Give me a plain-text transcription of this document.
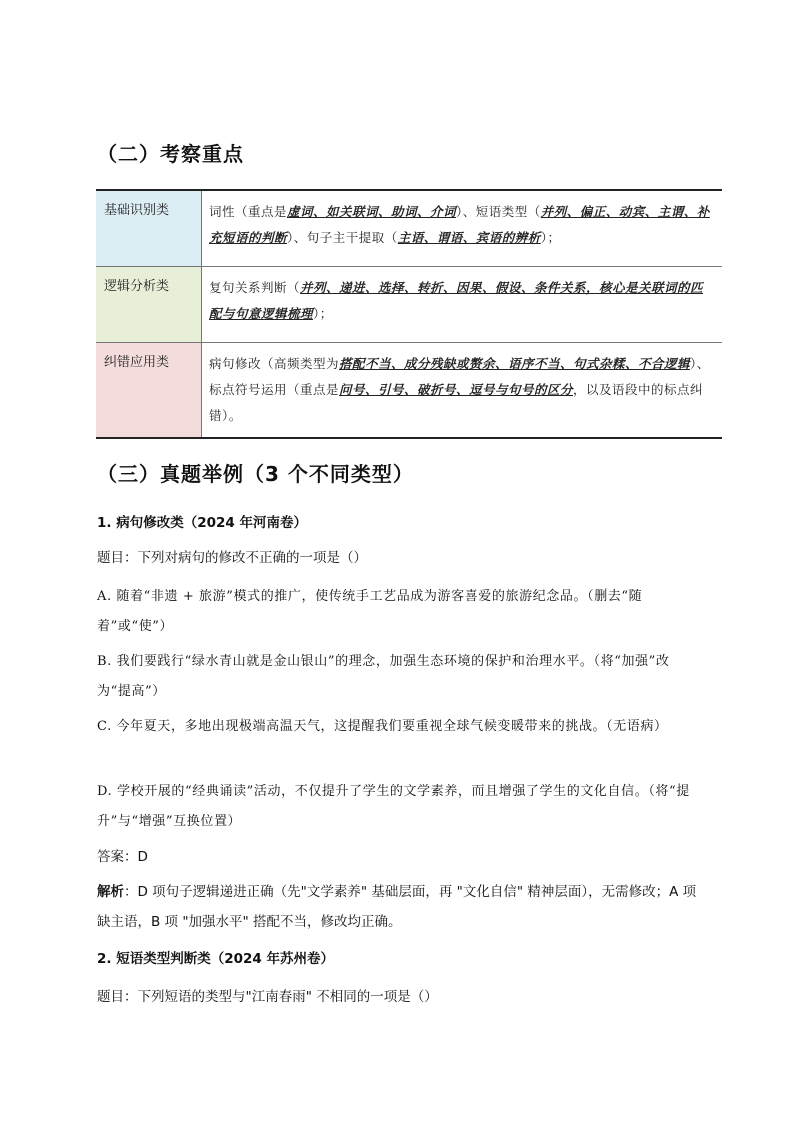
（二）考察重点
基础识别类	词性（重点是虚词、如关联词、助词、介词）、短语类型（并列、偏正、动宾、主谓、补充短语的判断）、句子主干提取（主语、谓语、宾语的辨析）；
逻辑分析类	复句关系判断（并列、递进、选择、转折、因果、假设、条件关系，核心是关联词的匹配与句意逻辑梳理）；
纠错应用类	病句修改（高频类型为搭配不当、成分残缺或赘余、语序不当、句式杂糅、不合逻辑）、标点符号运用（重点是问号、引号、破折号、逗号与句号的区分，以及语段中的标点纠错）。
（三）真题举例（3 个不同类型）
1. 病句修改类（2024 年河南卷）
题目：下列对病句的修改不正确的一项是（）
A. 随着“非遗 + 旅游”模式的推广，使传统手工艺品成为游客喜爱的旅游纪念品。（删去“随着”或“使”）
B. 我们要践行“绿水青山就是金山银山”的理念，加强生态环境的保护和治理水平。（将“加强”改为“提高”）
C. 今年夏天，多地出现极端高温天气，这提醒我们要重视全球气候变暖带来的挑战。（无语病）
D. 学校开展的“经典诵读”活动，不仅提升了学生的文学素养，而且增强了学生的文化自信。（将“提升”与“增强”互换位置）
答案：D
解析：D 项句子逻辑递进正确（先"文学素养" 基础层面，再 "文化自信" 精神层面），无需修改；A 项缺主语，B 项 "加强水平" 搭配不当，修改均正确。
2. 短语类型判断类（2024 年苏州卷）
题目：下列短语的类型与"江南春雨" 不相同的一项是（）
